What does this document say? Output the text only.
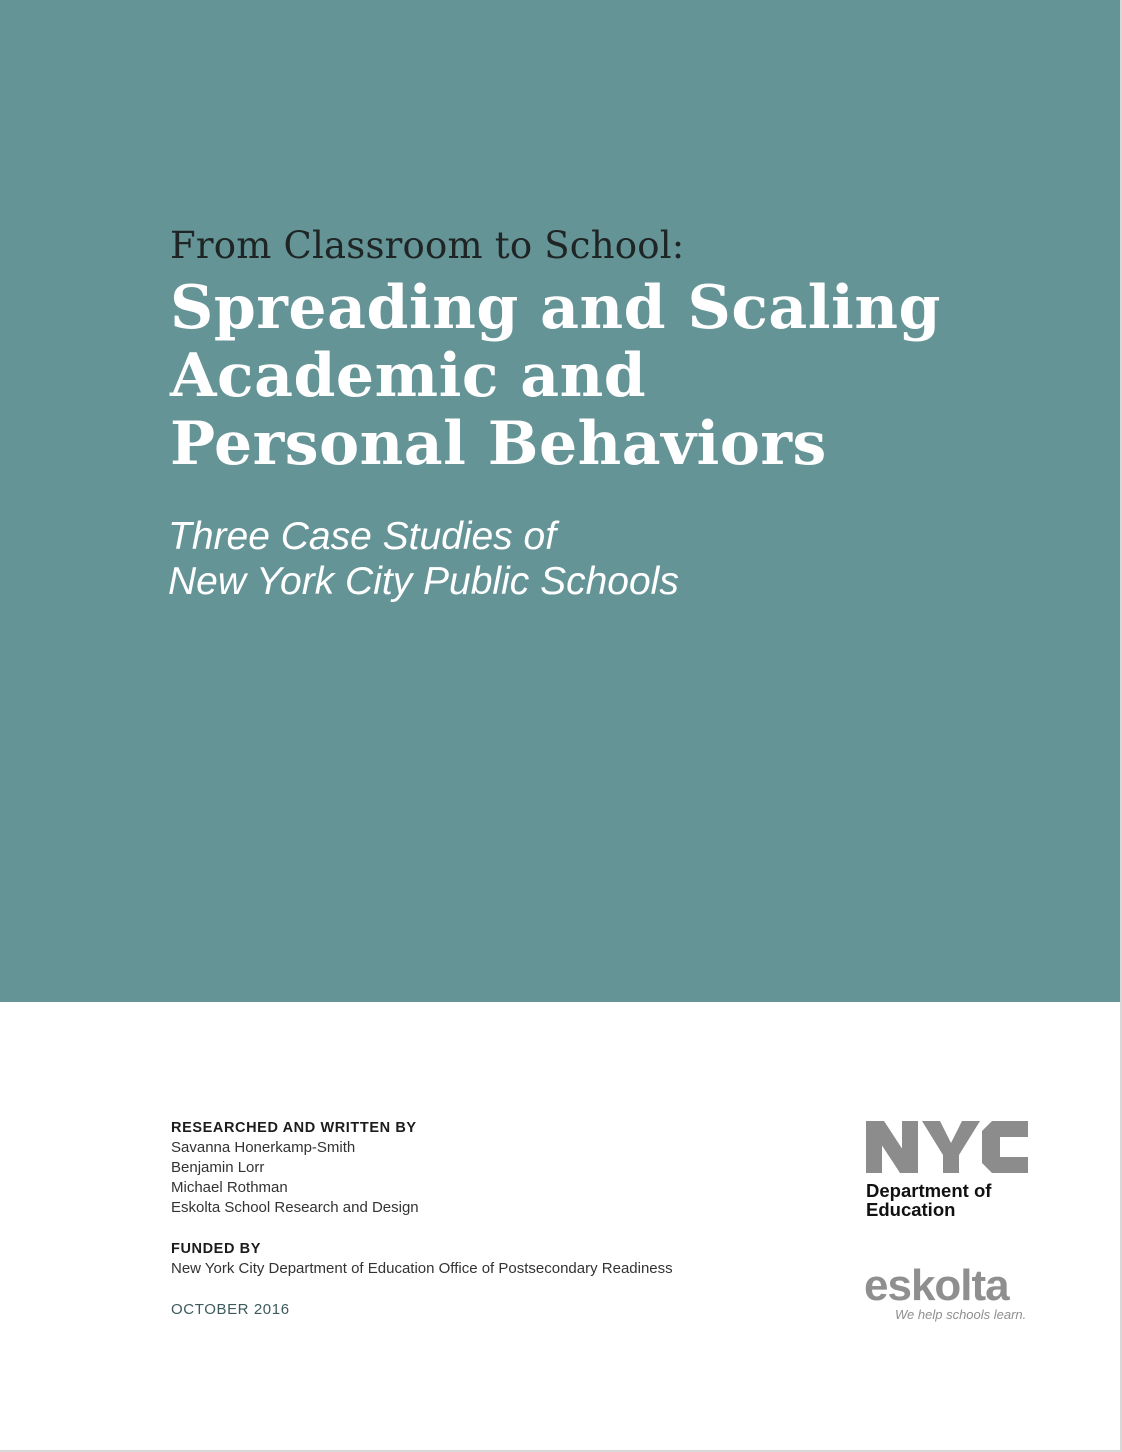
From Classroom to School:
Spreading and Scaling
Academic and
Personal Behaviors
Three Case Studies of
New York City Public Schools
RESEARCHED AND WRITTEN BY
Savanna Honerkamp-Smith
Benjamin Lorr
Michael Rothman
Eskolta School Research and Design
FUNDED BY
New York City Department of Education Office of Postsecondary Readiness
OCTOBER 2016
Department of
Education
eskolta
We help schools learn.
